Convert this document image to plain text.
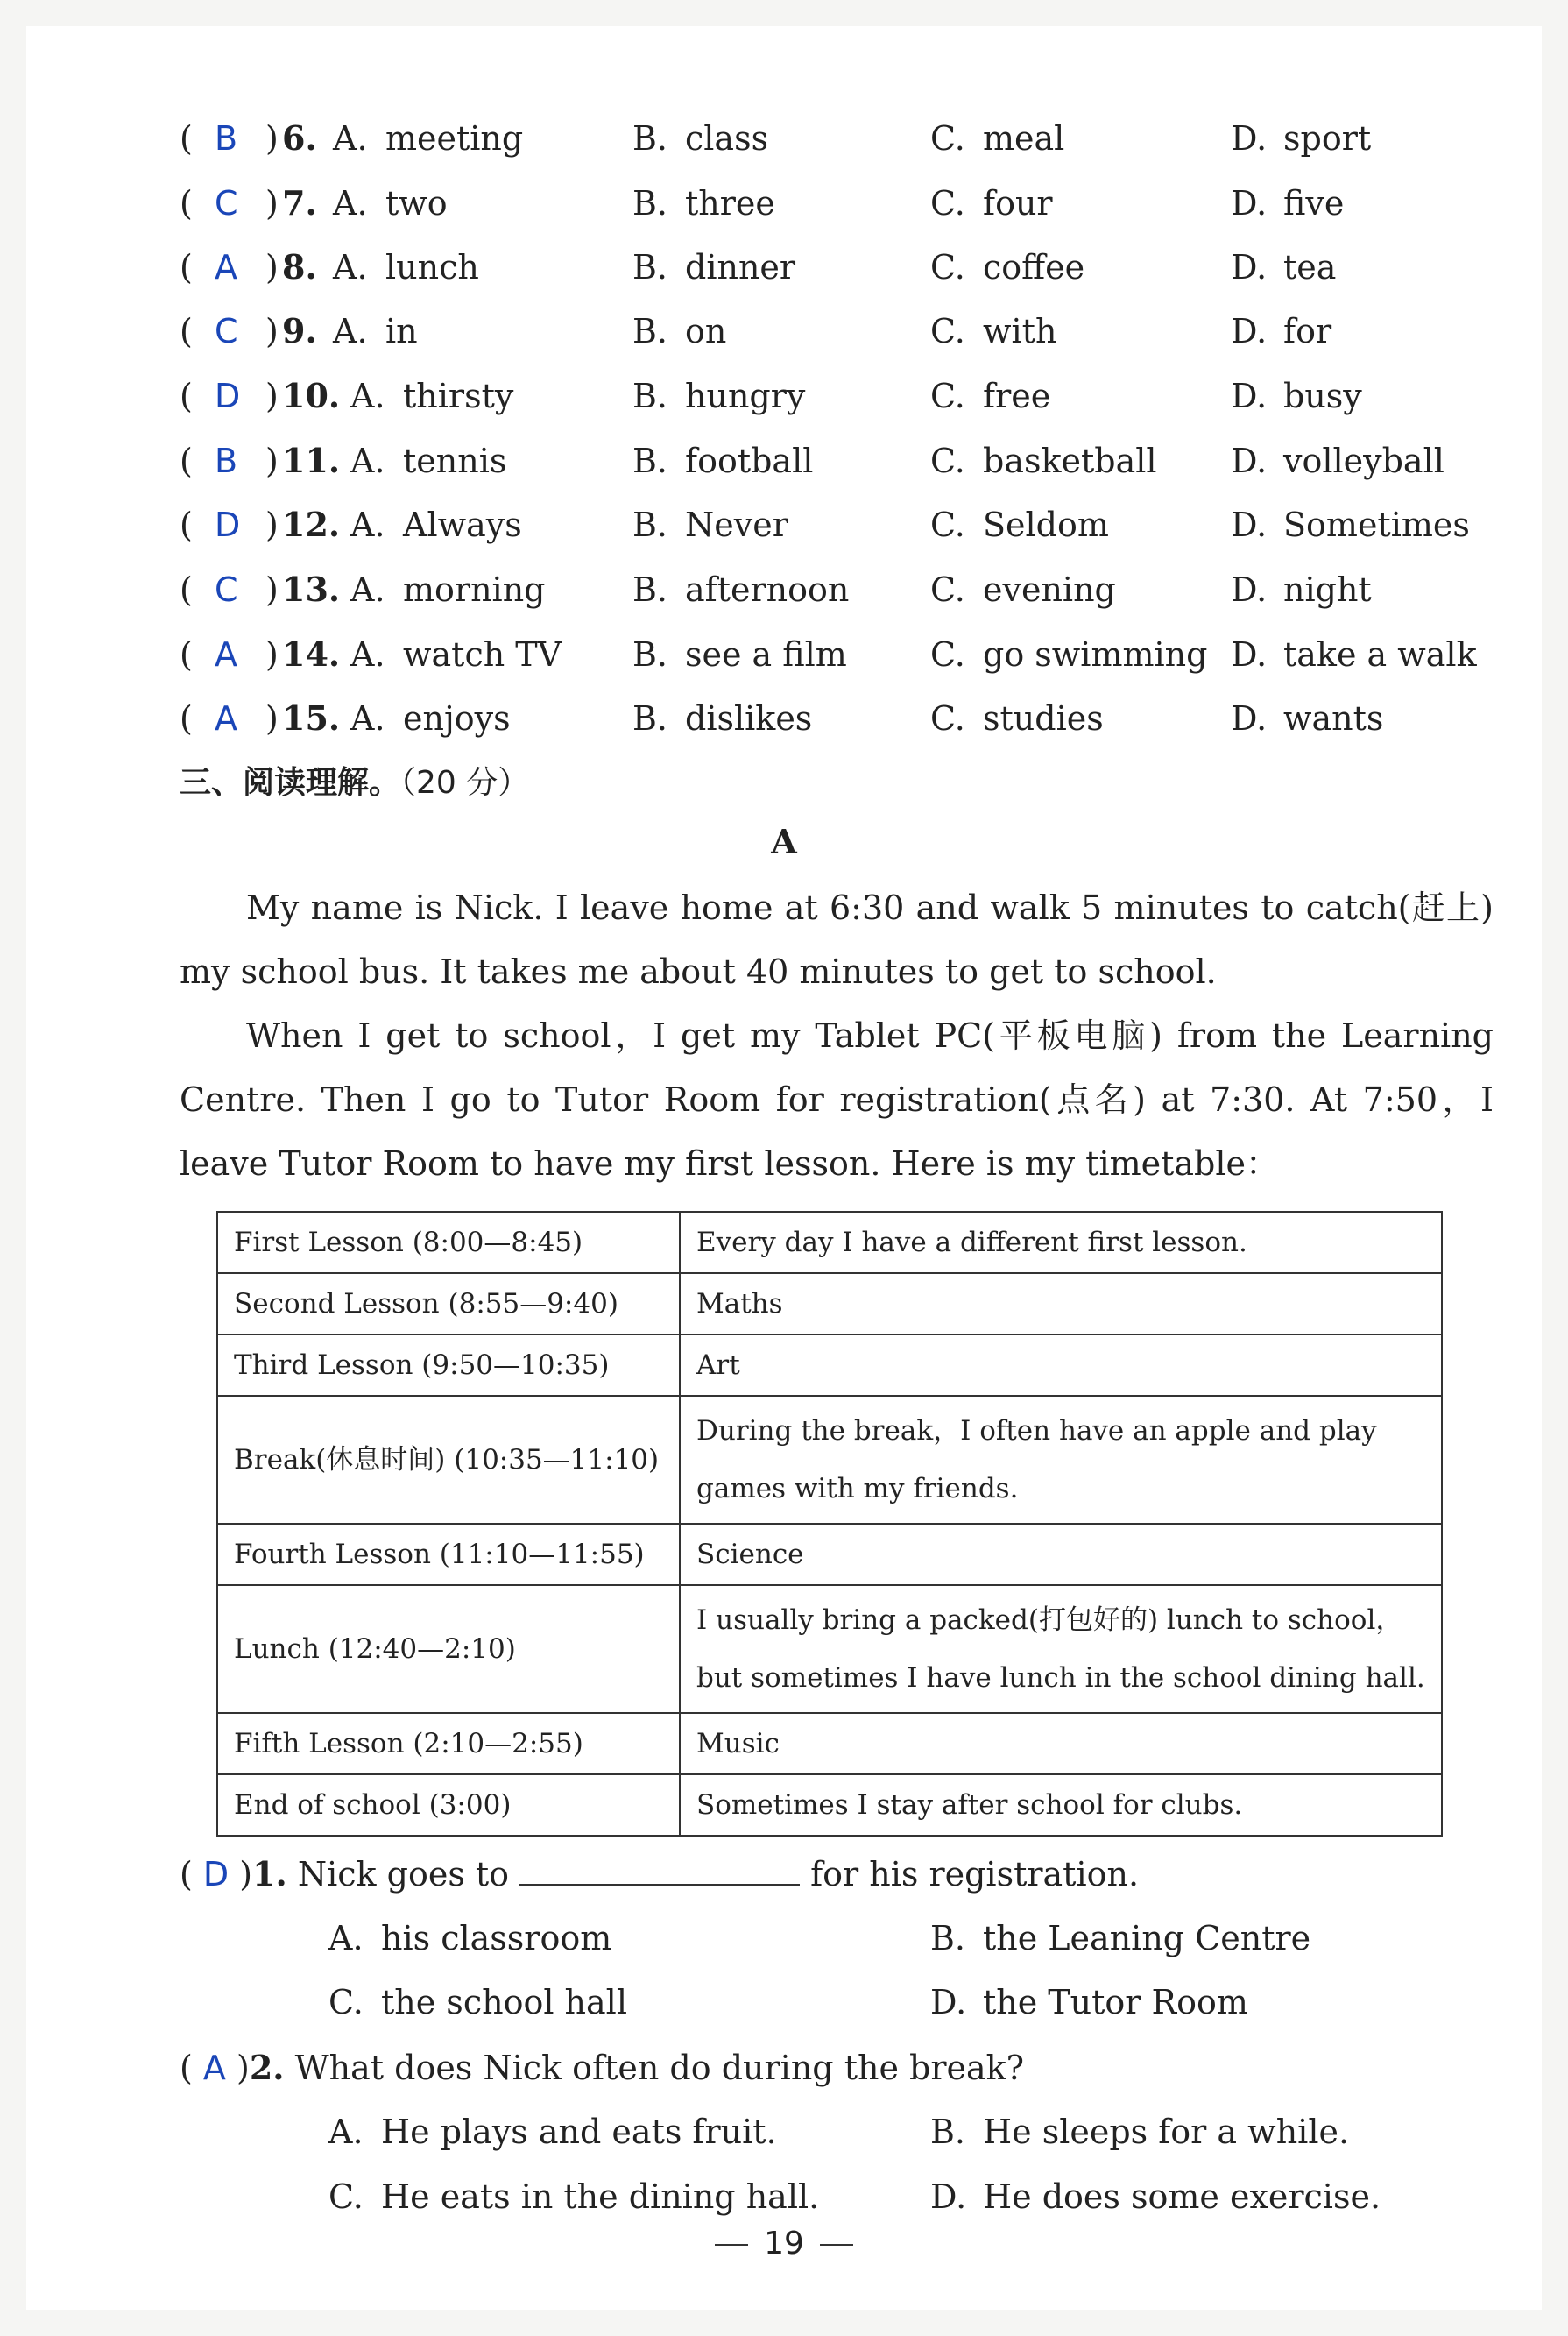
( B ) 6. A. meeting	B. class	C. meal	D. sport
( C ) 7. A. two	B. three	C. four	D. five
( A ) 8. A. lunch	B. dinner	C. coffee	D. tea
( C ) 9. A. in	B. on	C. with	D. for
( D ) 10. A. thirsty	B. hungry	C. free	D. busy
( B ) 11. A. tennis	B. football	C. basketball D. volleyball
( D ) 12. A. Always	B. Never	C. Seldom	D. Sometimes
( C ) 13. A. morning	B. afternoon C. evening	D. night
( A ) 14. A. watch TV B. see a film	C. go swimming D. take a walk
( A ) 15. A. enjoys	B. dislikes	C. studies	D. wants
三、阅读理解。（20 分）
A

My name is Nick. I leave home at 6:30 and walk 5 minutes to catch(赶上) my school bus. It takes me about 40 minutes to get to school.

When I get to school，I get my Tablet PC(平板电脑) from the Learning Centre. Then I go to Tutor Room for registration(点名) at 7:30. At 7:50，I leave Tutor Room to have my first lesson. Here is my timetable：

First Lesson (8:00—8:45)	Every day I have a different first lesson.
Second Lesson (8:55—9:40)	Maths
Third Lesson (9:50—10:35)	Art
Break(休息时间) (10:35—11:10)	During the break，I often have an apple and play games with my friends.
Fourth Lesson (11:10—11:55)	Science
Lunch (12:40—2:10)	I usually bring a packed(打包好的) lunch to school，but sometimes I have lunch in the school dining hall.
Fifth Lesson (2:10—2:55)	Music
End of school (3:00)	Sometimes I stay after school for clubs.
( D )1. Nick goes to	for his registration.
A. his classroom	B. the Leaning Centre
C. the school hall	D. the Tutor Room
( A )2. What does Nick often do during the break?
A. He plays and eats fruit.	B. He sleeps for a while.
C. He eats in the dining hall.	D. He does some exercise.
19
